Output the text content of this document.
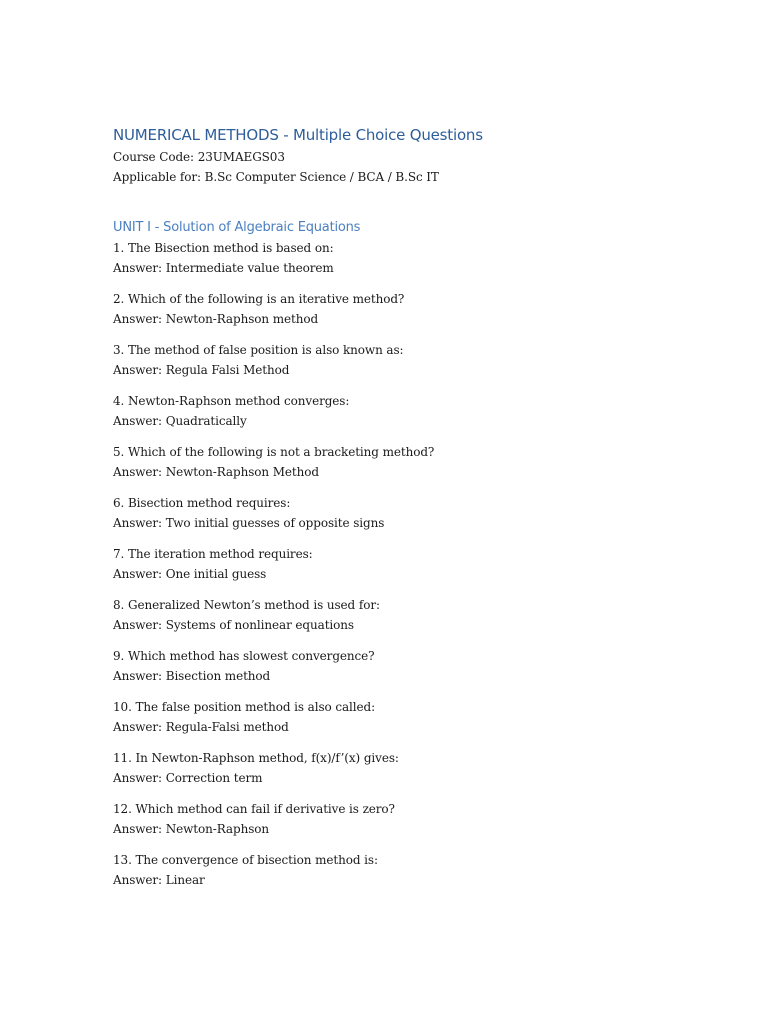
NUMERICAL METHODS - Multiple Choice Questions

Course Code: 23UMAEGS03

Applicable for: B.Sc Computer Science / BCA / B.Sc IT

UNIT I - Solution of Algebraic Equations

1. The Bisection method is based on:

Answer: Intermediate value theorem

2. Which of the following is an iterative method?

Answer: Newton-Raphson method

3. The method of false position is also known as:

Answer: Regula Falsi Method

4. Newton-Raphson method converges:

Answer: Quadratically

5. Which of the following is not a bracketing method?

Answer: Newton-Raphson Method

6. Bisection method requires:

Answer: Two initial guesses of opposite signs

7. The iteration method requires:

Answer: One initial guess

8. Generalized Newton’s method is used for:

Answer: Systems of nonlinear equations

9. Which method has slowest convergence?

Answer: Bisection method

10. The false position method is also called:

Answer: Regula-Falsi method

11. In Newton-Raphson method, f(x)/f’(x) gives:

Answer: Correction term

12. Which method can fail if derivative is zero?

Answer: Newton-Raphson

13. The convergence of bisection method is:

Answer: Linear
